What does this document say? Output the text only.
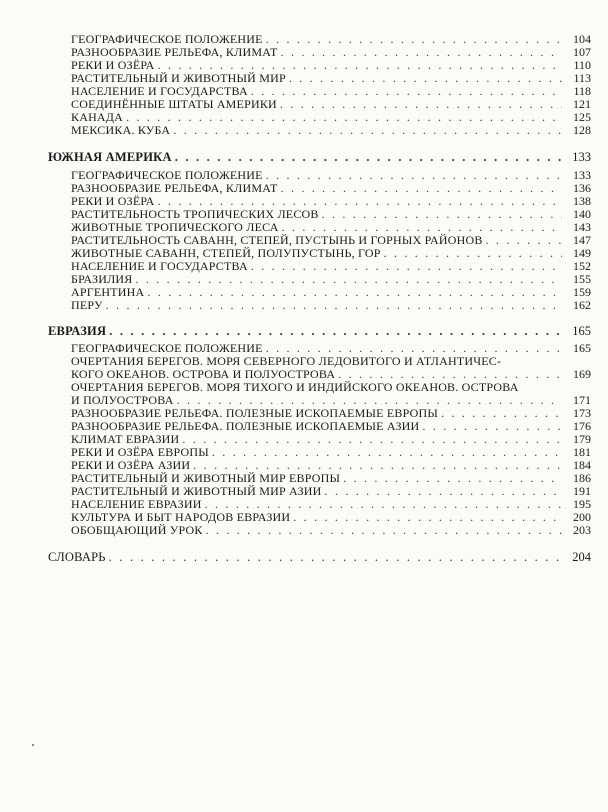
ГЕОГРАФИЧЕСКОЕ ПОЛОЖЕНИЕ . . .	104
РАЗНООБРАЗИЕ РЕЛЬЕФА, КЛИМАТ . . .	107
РЕКИ И ОЗЁРА . . .	110
РАСТИТЕЛЬНЫЙ И ЖИВОТНЫЙ МИР . . .	113
НАСЕЛЕНИЕ И ГОСУДАРСТВА . . .	118
СОЕДИНЁННЫЕ ШТАТЫ АМЕРИКИ . . .	121
КАНАДА . . .	125
МЕКСИКА. КУБА . . .	128
ЮЖНАЯ АМЕРИКА . . .	133
ГЕОГРАФИЧЕСКОЕ ПОЛОЖЕНИЕ . . .	133
РАЗНООБРАЗИЕ РЕЛЬЕФА, КЛИМАТ . . .	136
РЕКИ И ОЗЁРА . . .	138
РАСТИТЕЛЬНОСТЬ ТРОПИЧЕСКИХ ЛЕСОВ . . .	140
ЖИВОТНЫЕ ТРОПИЧЕСКОГО ЛЕСА . . .	143
РАСТИТЕЛЬНОСТЬ САВАНН, СТЕПЕЙ, ПУСТЫНЬ И ГОРНЫХ РАЙОНОВ . . .	147
ЖИВОТНЫЕ САВАНН, СТЕПЕЙ, ПОЛУПУСТЫНЬ, ГОР . . .	149
НАСЕЛЕНИЕ И ГОСУДАРСТВА . . .	152
БРАЗИЛИЯ . . .	155
АРГЕНТИНА . . .	159
ПЕРУ . . .	162
ЕВРАЗИЯ . . .	165
ГЕОГРАФИЧЕСКОЕ ПОЛОЖЕНИЕ . . .	165
ОЧЕРТАНИЯ БЕРЕГОВ. МОРЯ СЕВЕРНОГО ЛЕДОВИТОГО И АТЛАНТИЧЕС-
КОГО ОКЕАНОВ. ОСТРОВА И ПОЛУОСТРОВА . . .	169
ОЧЕРТАНИЯ БЕРЕГОВ. МОРЯ ТИХОГО И ИНДИЙСКОГО ОКЕАНОВ. ОСТРОВА
И ПОЛУОСТРОВА . . .	171
РАЗНООБРАЗИЕ РЕЛЬЕФА. ПОЛЕЗНЫЕ ИСКОПАЕМЫЕ ЕВРОПЫ . . .	173
РАЗНООБРАЗИЕ РЕЛЬЕФА. ПОЛЕЗНЫЕ ИСКОПАЕМЫЕ АЗИИ . . .	176
КЛИМАТ ЕВРАЗИИ . . .	179
РЕКИ И ОЗЁРА ЕВРОПЫ . . .	181
РЕКИ И ОЗЁРА АЗИИ . . .	184
РАСТИТЕЛЬНЫЙ И ЖИВОТНЫЙ МИР ЕВРОПЫ . . .	186
РАСТИТЕЛЬНЫЙ И ЖИВОТНЫЙ МИР АЗИИ . . .	191
НАСЕЛЕНИЕ ЕВРАЗИИ . . .	195
КУЛЬТУРА И БЫТ НАРОДОВ ЕВРАЗИИ . . .	200
ОБОБЩАЮЩИЙ УРОК . . .	203
СЛОВАРЬ . . .	204
